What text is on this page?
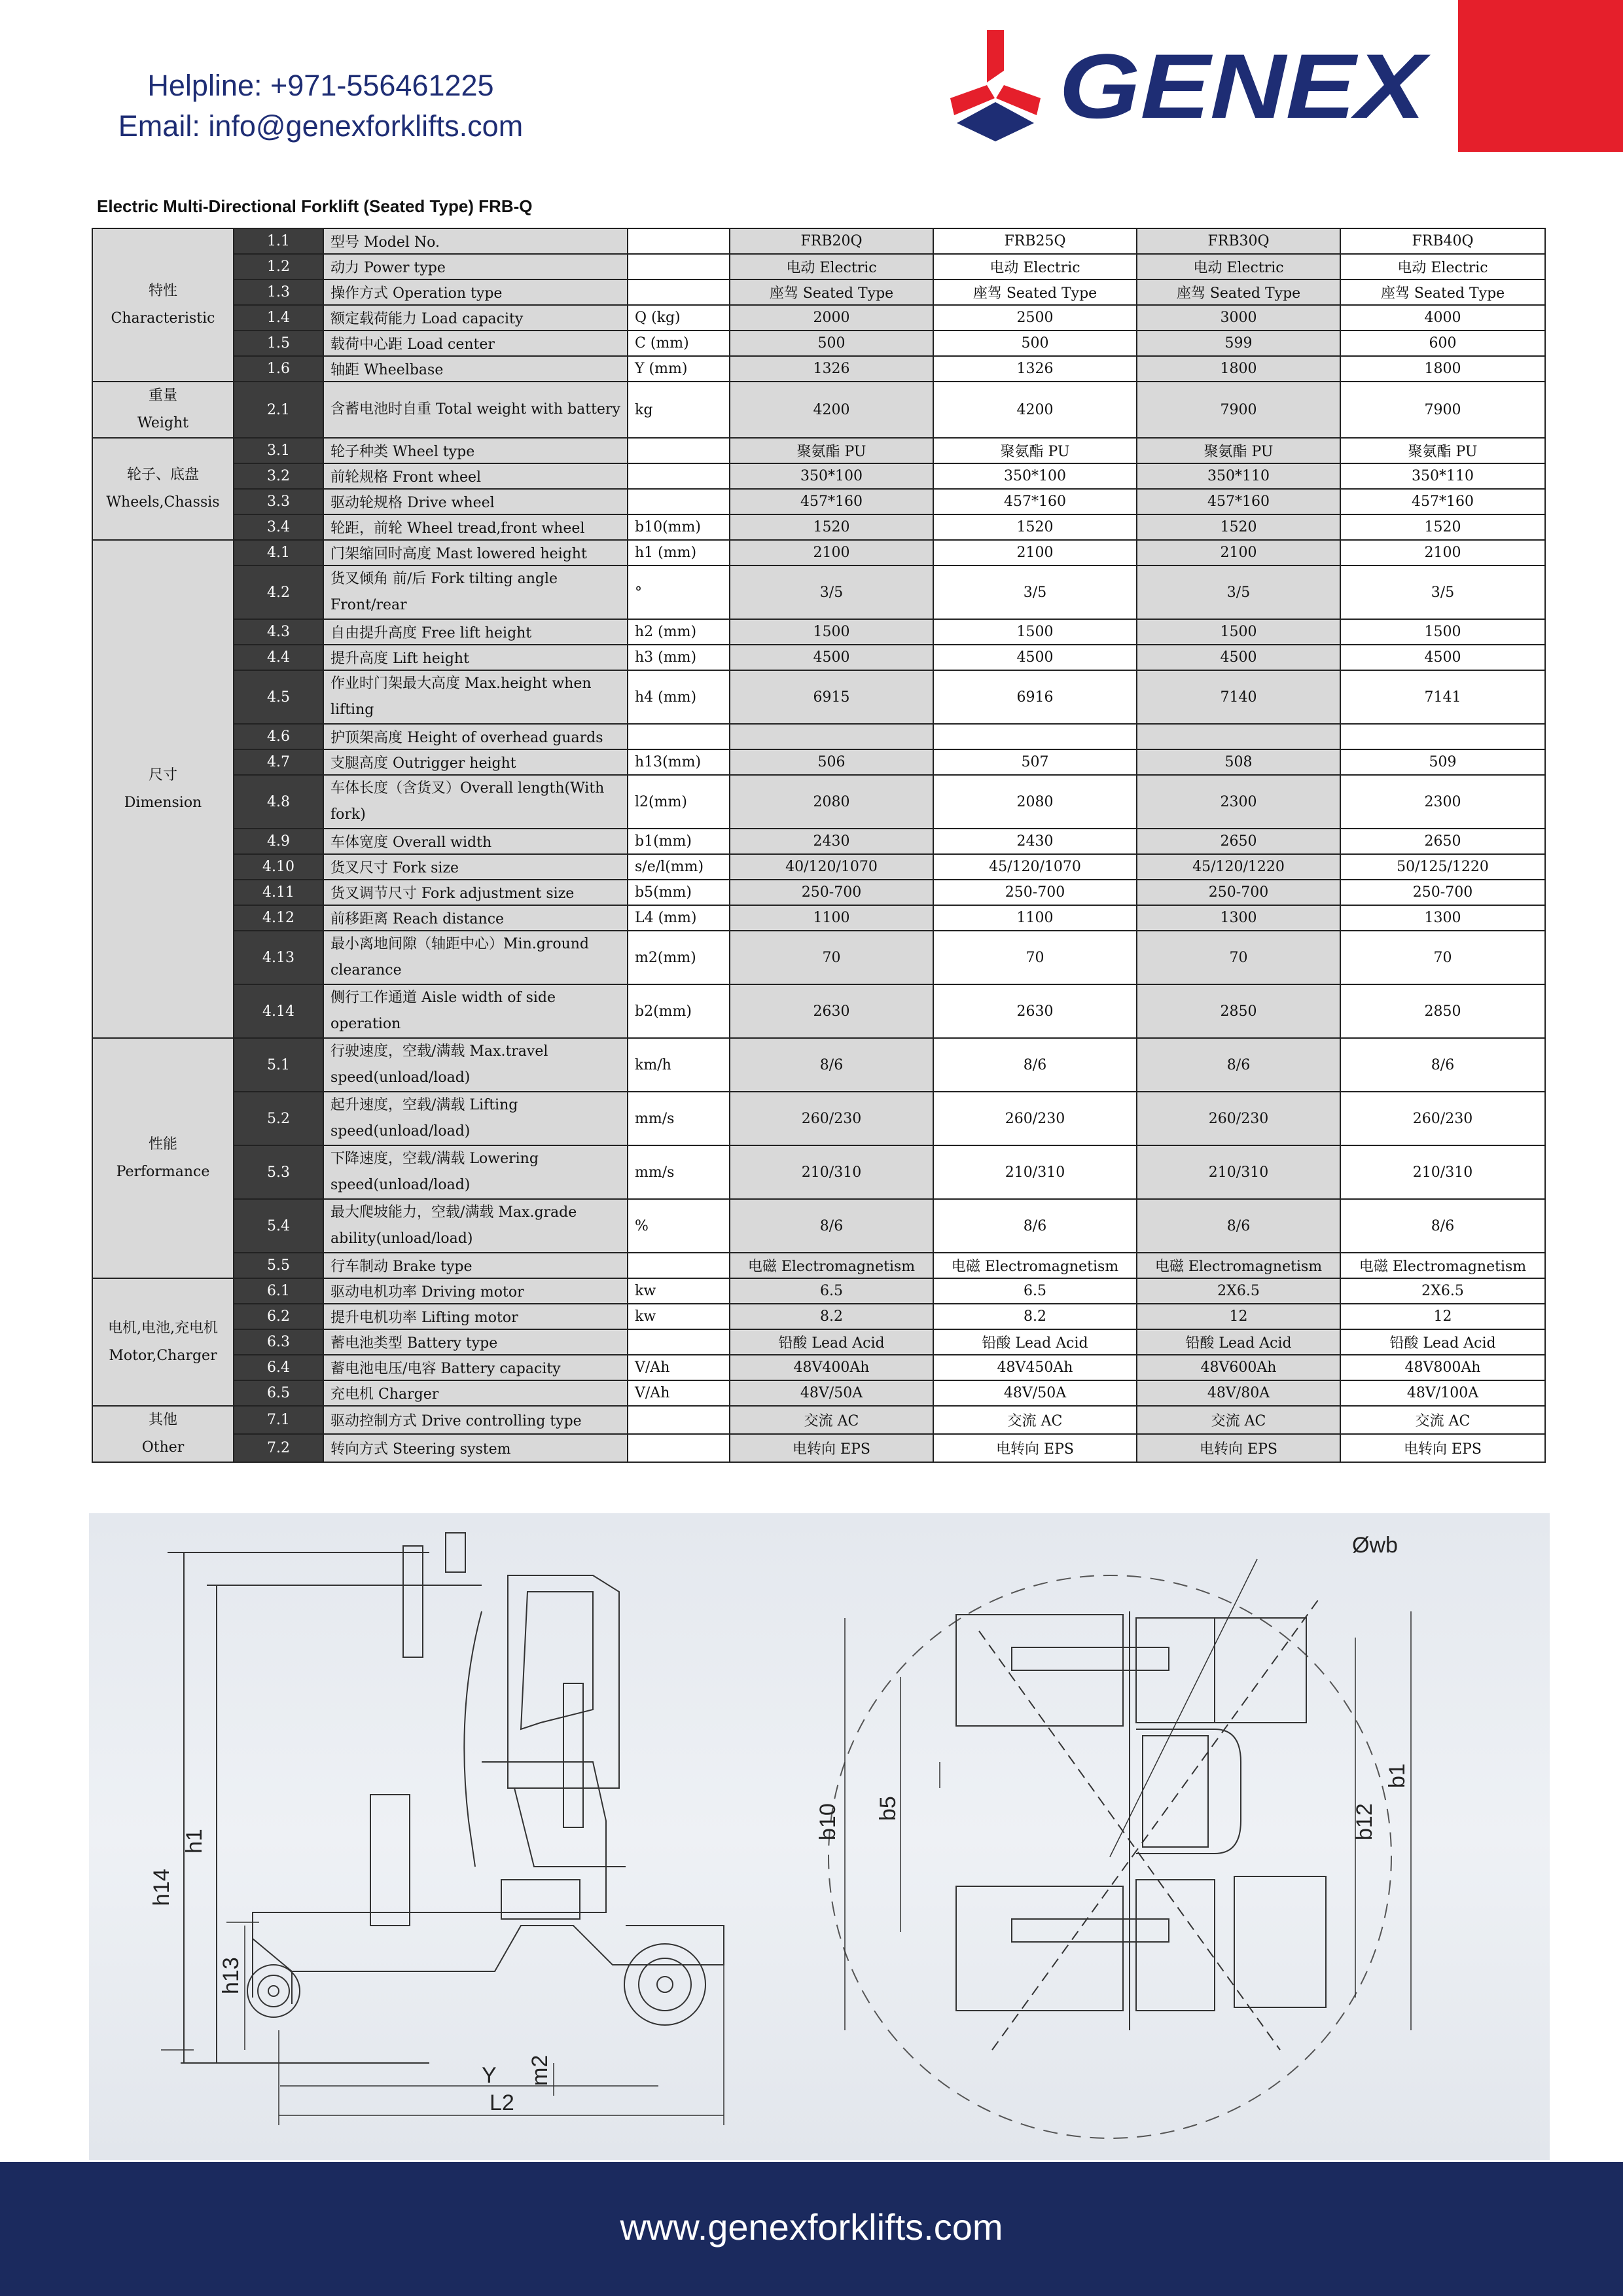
Helpline: +971-556461225
Email: info@genexforklifts.com	GENEX
Electric Multi-Directional Forklift (Seated Type) FRB-Q
特性
Characteristic	1.1	型号 Model No.		FRB20Q	FRB25Q	FRB30Q	FRB40Q
	1.2	动力 Power type		电动 Electric	电动 Electric	电动 Electric	电动 Electric
	1.3	操作方式 Operation type		座驾 Seated Type	座驾 Seated Type	座驾 Seated Type	座驾 Seated Type
	1.4	额定载荷能力 Load capacity	Q (kg)	2000	2500	3000	4000
	1.5	载荷中心距 Load center	C (mm)	500	500	599	600
	1.6	轴距 Wheelbase	Y (mm)	1326	1326	1800	1800

重量
Weight	2.1	含蓄电池时自重 Total weight with battery	kg	4200	4200	7900	7900

轮子、底盘
Wheels,Chassis	3.1	轮子种类 Wheel type		聚氨酯 PU	聚氨酯 PU	聚氨酯 PU	聚氨酯 PU
	3.2	前轮规格 Front wheel		350*100	350*100	350*110	350*110
	3.3	驱动轮规格 Drive wheel		457*160	457*160	457*160	457*160
	3.4	轮距，前轮 Wheel tread,front wheel	b10(mm)	1520	1520	1520	1520

尺寸
Dimension	4.1	门架缩回时高度 Mast lowered height	h1 (mm)	2100	2100	2100	2100
	4.2	货叉倾角 前/后 Fork tilting angle Front/rear	°	3/5	3/5	3/5	3/5
	4.3	自由提升高度 Free lift height	h2 (mm)	1500	1500	1500	1500
	4.4	提升高度 Lift height	h3 (mm)	4500	4500	4500	4500
	4.5	作业时门架最大高度 Max.height when lifting	h4 (mm)	6915	6916	7140	7141
	4.6	护顶架高度 Height of overhead guards					
	4.7	支腿高度 Outrigger height	h13(mm)	506	507	508	509
	4.8	车体长度（含货叉）Overall length(With fork)	l2(mm)	2080	2080	2300	2300
	4.9	车体宽度 Overall width	b1(mm)	2430	2430	2650	2650
	4.10	货叉尺寸 Fork size	s/e/l(mm)	40/120/1070	45/120/1070	45/120/1220	50/125/1220
	4.11	货叉调节尺寸 Fork adjustment size	b5(mm)	250-700	250-700	250-700	250-700
	4.12	前移距离 Reach distance	L4 (mm)	1100	1100	1300	1300
	4.13	最小离地间隙（轴距中心）Min.ground clearance	m2(mm)	70	70	70	70
	4.14	侧行工作通道 Aisle width of side operation	b2(mm)	2630	2630	2850	2850

性能
Performance	5.1	行驶速度，空载/满载 Max.travel speed(unload/load)	km/h	8/6	8/6	8/6	8/6
	5.2	起升速度，空载/满载 Lifting speed(unload/load)	mm/s	260/230	260/230	260/230	260/230
	5.3	下降速度，空载/满载 Lowering speed(unload/load)	mm/s	210/310	210/310	210/310	210/310
	5.4	最大爬坡能力，空载/满载 Max.grade ability(unload/load)	%	8/6	8/6	8/6	8/6
	5.5	行车制动 Brake type		电磁 Electromagnetism	电磁 Electromagnetism	电磁 Electromagnetism	电磁 Electromagnetism

电机,电池,充电机
Motor,Charger	6.1	驱动电机功率 Driving motor	kw	6.5	6.5	2X6.5	2X6.5
	6.2	提升电机功率 Lifting motor	kw	8.2	8.2	12	12
	6.3	蓄电池类型 Battery type		铅酸 Lead Acid	铅酸 Lead Acid	铅酸 Lead Acid	铅酸 Lead Acid
	6.4	蓄电池电压/电容 Battery capacity	V/Ah	48V400Ah	48V450Ah	48V600Ah	48V800Ah
	6.5	充电机 Charger	V/Ah	48V/50A	48V/50A	48V/80A	48V/100A

其他
Other	7.1	驱动控制方式 Drive controlling type		交流 AC	交流 AC	交流 AC	交流 AC
	7.2	转向方式 Steering system		电转向 EPS	电转向 EPS	电转向 EPS	电转向 EPS
h1
h14
h13
Y m2
L2
b10 b5	b12
b1
Øwb
www.genexforklifts.com
